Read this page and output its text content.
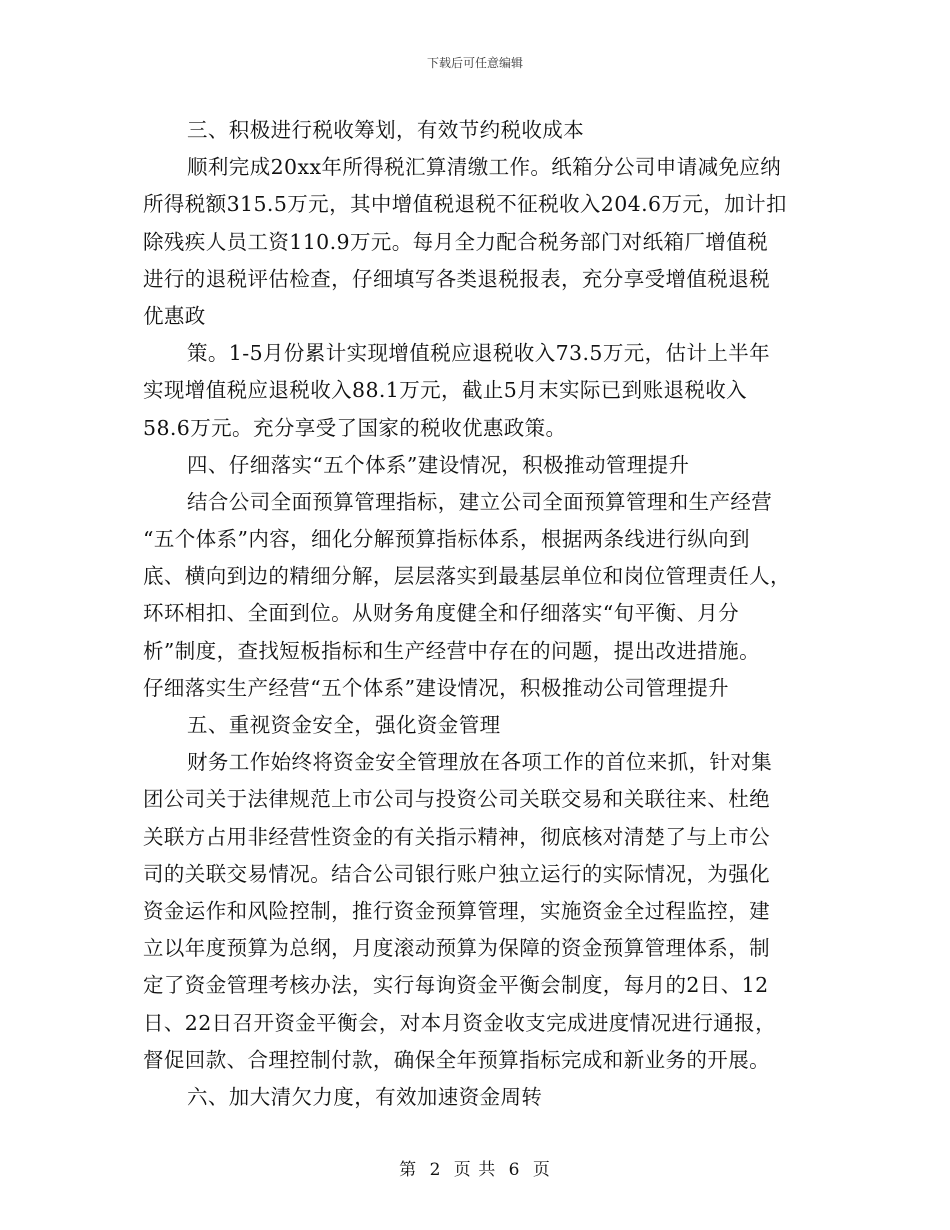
下载后可任意编辑
三、积极进行税收筹划，有效节约税收成本
顺利完成20xx年所得税汇算清缴工作。纸箱分公司申请减免应纳
所得税额315.5万元，其中增值税退税不征税收入204.6万元，加计扣
除残疾人员工资110.9万元。每月全力配合税务部门对纸箱厂增值税
进行的退税评估检查，仔细填写各类退税报表，充分享受增值税退税
优惠政
策。1-5月份累计实现增值税应退税收入73.5万元，估计上半年
实现增值税应退税收入88.1万元，截止5月末实际已到账退税收入
58.6万元。充分享受了国家的税收优惠政策。
四、仔细落实“五个体系”建设情况，积极推动管理提升
结合公司全面预算管理指标，建立公司全面预算管理和生产经营
“五个体系”内容，细化分解预算指标体系，根据两条线进行纵向到
底、横向到边的精细分解，层层落实到最基层单位和岗位管理责任人，
环环相扣、全面到位。从财务角度健全和仔细落实“旬平衡、月分
析”制度，查找短板指标和生产经营中存在的问题，提出改进措施。
仔细落实生产经营“五个体系”建设情况，积极推动公司管理提升
五、重视资金安全，强化资金管理
财务工作始终将资金安全管理放在各项工作的首位来抓，针对集
团公司关于法律规范上市公司与投资公司关联交易和关联往来、杜绝
关联方占用非经营性资金的有关指示精神，彻底核对清楚了与上市公
司的关联交易情况。结合公司银行账户独立运行的实际情况，为强化
资金运作和风险控制，推行资金预算管理，实施资金全过程监控，建
立以年度预算为总纲，月度滚动预算为保障的资金预算管理体系，制
定了资金管理考核办法，实行每询资金平衡会制度，每月的2日、12
日、22日召开资金平衡会，对本月资金收支完成进度情况进行通报，
督促回款、合理控制付款，确保全年预算指标完成和新业务的开展。
六、加大清欠力度，有效加速资金周转
第 2 页 共 6 页
